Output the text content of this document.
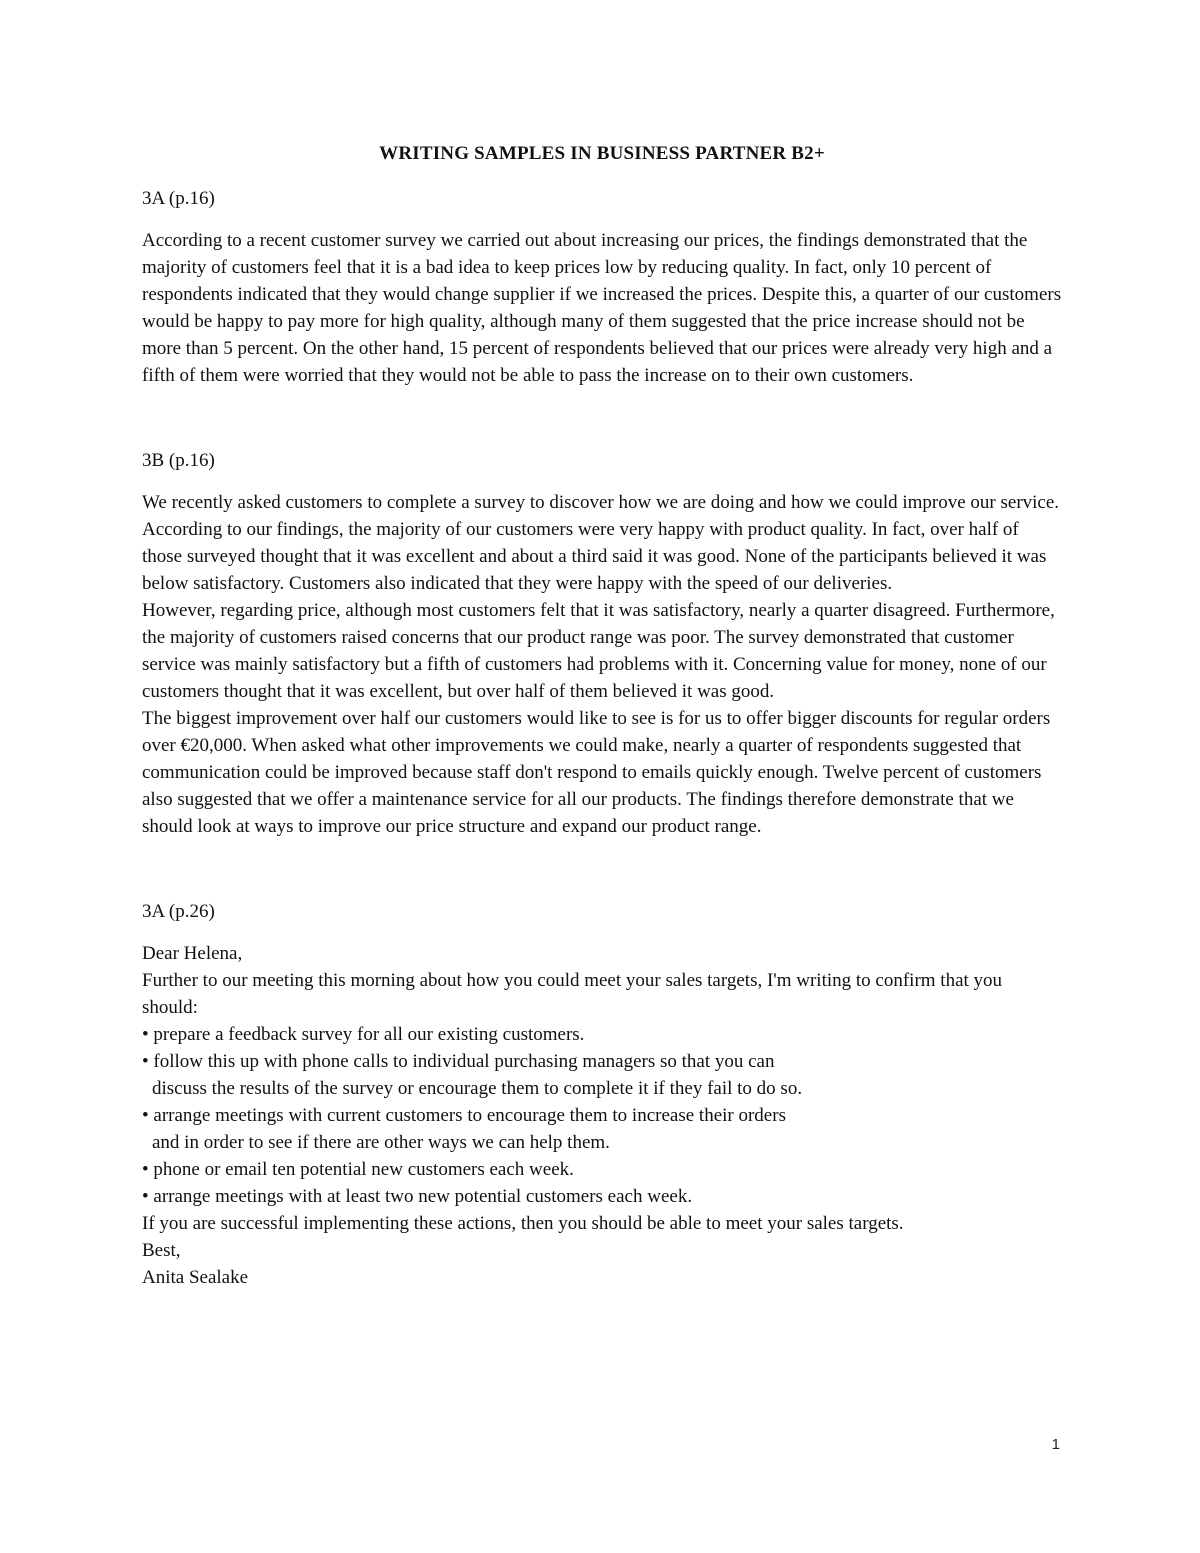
WRITING SAMPLES IN BUSINESS PARTNER B2+
3A (p.16)

According to a recent customer survey we carried out about increasing our prices, the findings demonstrated that the majority of customers feel that it is a bad idea to keep prices low by reducing quality. In fact, only 10 percent of respondents indicated that they would change supplier if we increased the prices. Despite this, a quarter of our customers would be happy to pay more for high quality, although many of them suggested that the price increase should not be more than 5 percent. On the other hand, 15 percent of respondents believed that our prices were already very high and a fifth of them were worried that they would not be able to pass the increase on to their own customers.

3B (p.16)

We recently asked customers to complete a survey to discover how we are doing and how we could improve our service. According to our findings, the majority of our customers were very happy with product quality. In fact, over half of those surveyed thought that it was excellent and about a third said it was good. None of the participants believed it was below satisfactory. Customers also indicated that they were happy with the speed of our deliveries.

However, regarding price, although most customers felt that it was satisfactory, nearly a quarter disagreed. Furthermore, the majority of customers raised concerns that our product range was poor. The survey demonstrated that customer service was mainly satisfactory but a fifth of customers had problems with it. Concerning value for money, none of our customers thought that it was excellent, but over half of them believed it was good.

The biggest improvement over half our customers would like to see is for us to offer bigger discounts for regular orders over €20,000. When asked what other improvements we could make, nearly a quarter of respondents suggested that communication could be improved because staff don't respond to emails quickly enough. Twelve percent of customers also suggested that we offer a maintenance service for all our products. The findings therefore demonstrate that we should look at ways to improve our price structure and expand our product range.

3A (p.26)
Dear Helena,
Further to our meeting this morning about how you could meet your sales targets, I'm writing to confirm that you should:
• prepare a feedback survey for all our existing customers.
• follow this up with phone calls to individual purchasing managers so that you can
discuss the results of the survey or encourage them to complete it if they fail to do so.
• arrange meetings with current customers to encourage them to increase their orders
and in order to see if there are other ways we can help them.
• phone or email ten potential new customers each week.
• arrange meetings with at least two new potential customers each week.
If you are successful implementing these actions, then you should be able to meet your sales targets.
Best,
Anita Sealake
1
